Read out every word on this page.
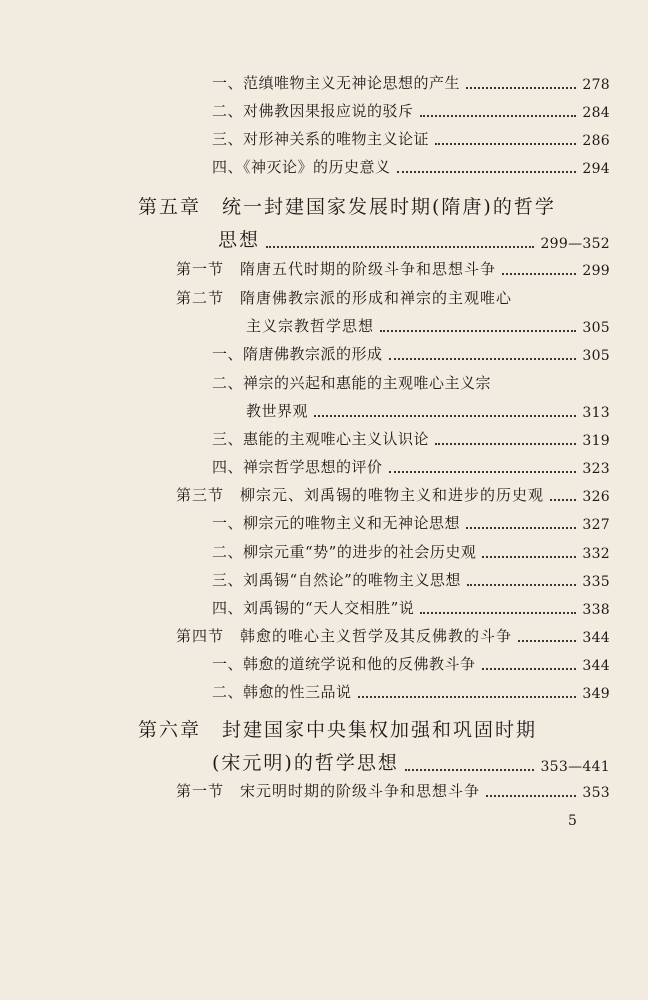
一、范缜唯物主义无神论思想的产生	278
二、对佛教因果报应说的驳斥	284
三、对形神关系的唯物主义论证	286
四、《神灭论》的历史意义	294
第五章　统一封建国家发展时期(隋唐)的哲学
思想	299—352
第一节　隋唐五代时期的阶级斗争和思想斗争	299
第二节　隋唐佛教宗派的形成和禅宗的主观唯心
主义宗教哲学思想	305
一、隋唐佛教宗派的形成	305
二、禅宗的兴起和惠能的主观唯心主义宗
教世界观	313
三、惠能的主观唯心主义认识论	319
四、禅宗哲学思想的评价	323
第三节　柳宗元、刘禹锡的唯物主义和进步的历史观	326
一、柳宗元的唯物主义和无神论思想	327
二、柳宗元重“势”的进步的社会历史观	332
三、刘禹锡“自然论”的唯物主义思想	335
四、刘禹锡的“天人交相胜”说	338
第四节　韩愈的唯心主义哲学及其反佛教的斗争	344
一、韩愈的道统学说和他的反佛教斗争	344
二、韩愈的性三品说	349
第六章　封建国家中央集权加强和巩固时期
(宋元明)的哲学思想	353—441
第一节　宋元明时期的阶级斗争和思想斗争	353
5
